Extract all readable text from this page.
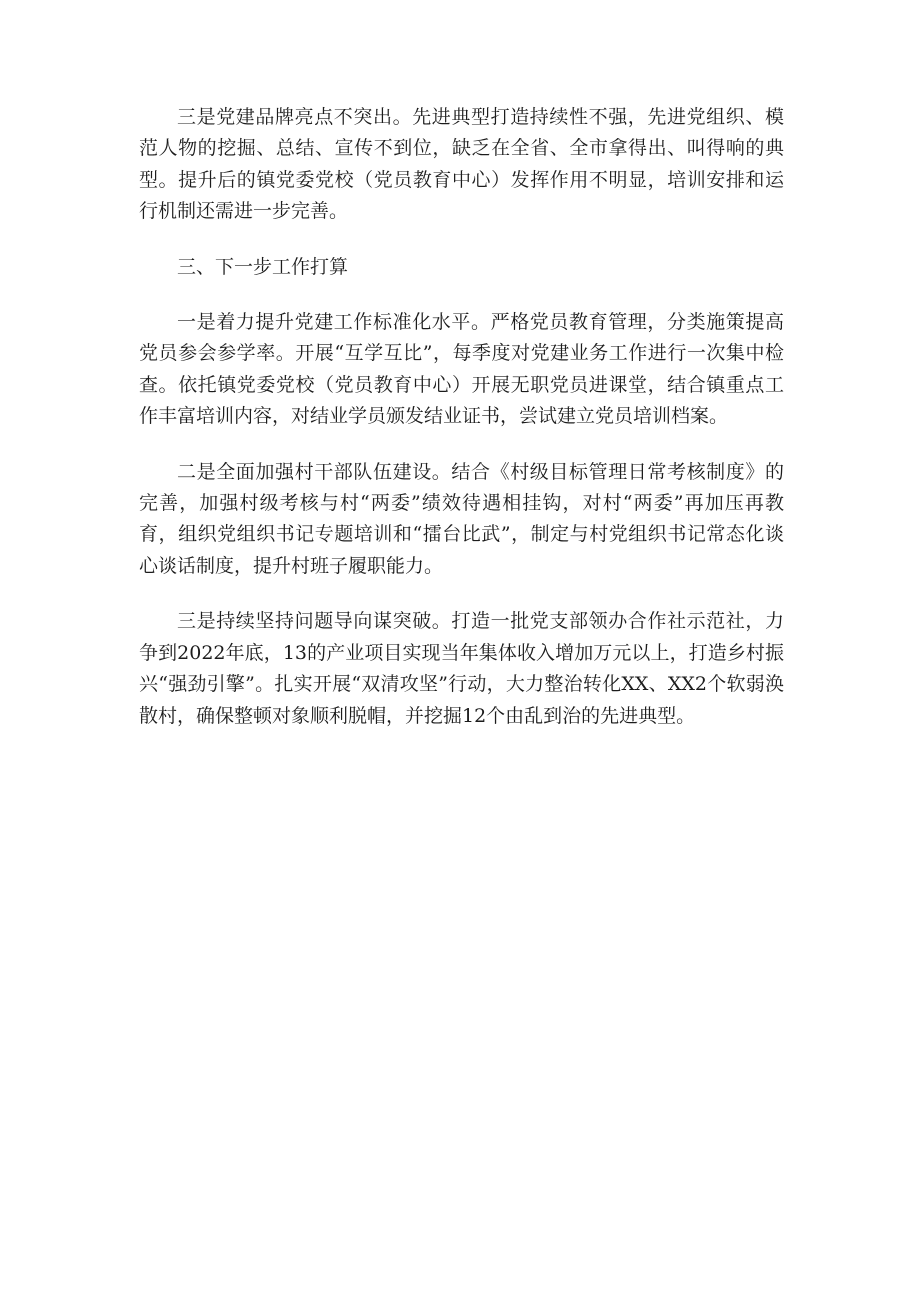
三是党建品牌亮点不突出。先进典型打造持续性不强，先进党组织、模范人物的挖掘、总结、宣传不到位，缺乏在全省、全市拿得出、叫得响的典型。提升后的镇党委党校（党员教育中心）发挥作用不明显，培训安排和运行机制还需进一步完善。

三、下一步工作打算

一是着力提升党建工作标准化水平。严格党员教育管理，分类施策提高党员参会参学率。开展“互学互比”，每季度对党建业务工作进行一次集中检查。依托镇党委党校（党员教育中心）开展无职党员进课堂，结合镇重点工作丰富培训内容，对结业学员颁发结业证书，尝试建立党员培训档案。

二是全面加强村干部队伍建设。结合《村级目标管理日常考核制度》的完善，加强村级考核与村“两委”绩效待遇相挂钩，对村“两委”再加压再教育，组织党组织书记专题培训和“擂台比武”，制定与村党组织书记常态化谈心谈话制度，提升村班子履职能力。

三是持续坚持问题导向谋突破。打造一批党支部领办合作社示范社，力争到2022年底，13的产业项目实现当年集体收入增加万元以上，打造乡村振兴“强劲引擎”。扎实开展“双清攻坚”行动，大力整治转化XX、XX2个软弱涣散村，确保整顿对象顺利脱帽，并挖掘12个由乱到治的先进典型。
